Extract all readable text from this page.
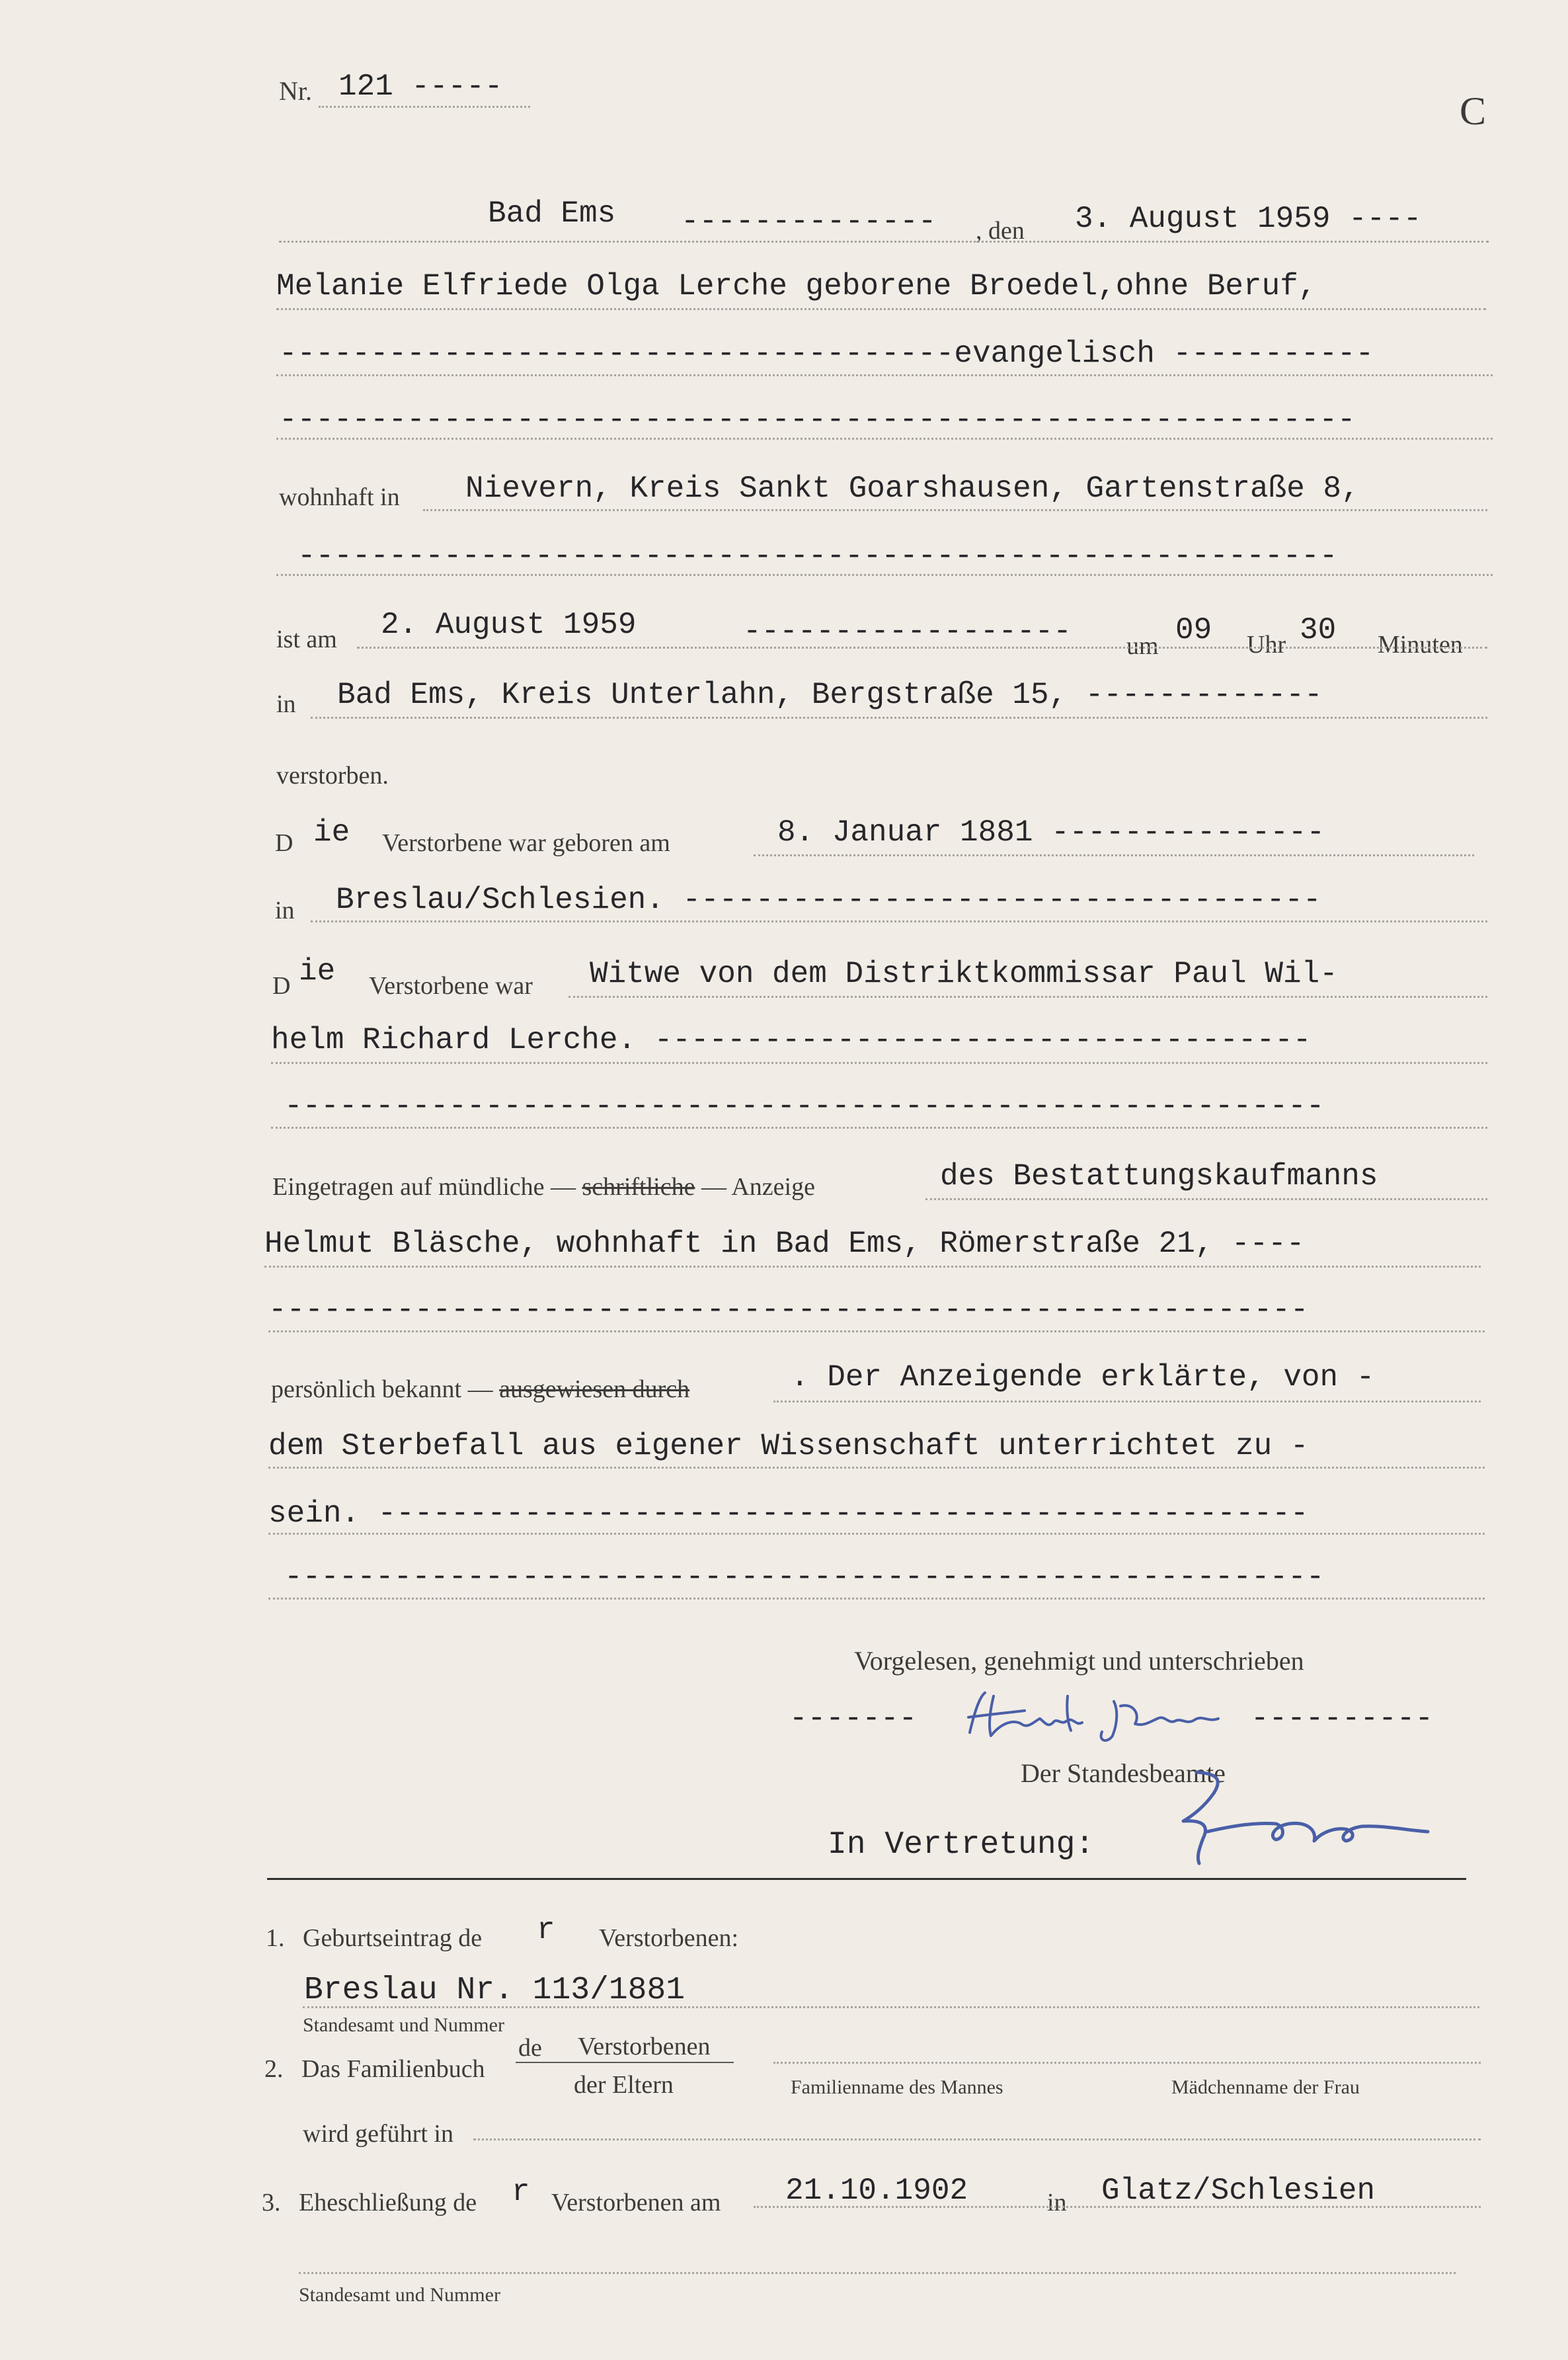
Nr. 121 -----
C
Bad Ems -------------- , den 3. August 1959 ----
Melanie Elfriede Olga Lerche geborene Broedel,ohne Beruf,
-------------------------------------evangelisch -----------
-----------------------------------------------------------
wohnhaft in Nievern, Kreis Sankt Goarshausen, Gartenstraße 8,
---------------------------------------------------------
ist am 2. August 1959	------------------ um 09 Uhr 30 Minuten
in Bad Ems, Kreis Unterlahn, Bergstraße 15, -------------
verstorben.
D ie Verstorbene war geboren am	8. Januar 1881 ---------------
in Breslau/Schlesien. -----------------------------------
D ie Verstorbene war Witwe von dem Distriktkommissar Paul Wil-
helm Richard Lerche. ------------------------------------
---------------------------------------------------------
Eingetragen auf mündliche — schriftliche — Anzeige	des Bestattungskaufmanns
Helmut Bläsche, wohnhaft in Bad Ems, Römerstraße 21, ----
---------------------------------------------------------
persönlich bekannt — ausgewiesen durch	. Der Anzeigende erklärte, von -
dem Sterbefall aus eigener Wissenschaft unterrichtet zu -
sein. ---------------------------------------------------
---------------------------------------------------------
Vorgelesen, genehmigt und unterschrieben
-------	----------
Der Standesbeamte
In Vertretung:
1. Geburtseintrag de r Verstorbenen:
Breslau Nr. 113/1881
Standesamt und Nummer
2. Das Familienbuch
de Verstorbenen
der Eltern	Familienname des Mannes	Mädchenname der Frau
wird geführt in
3. Eheschließung de r Verstorbenen am 21.10.1902	in Glatz/Schlesien
Standesamt und Nummer
